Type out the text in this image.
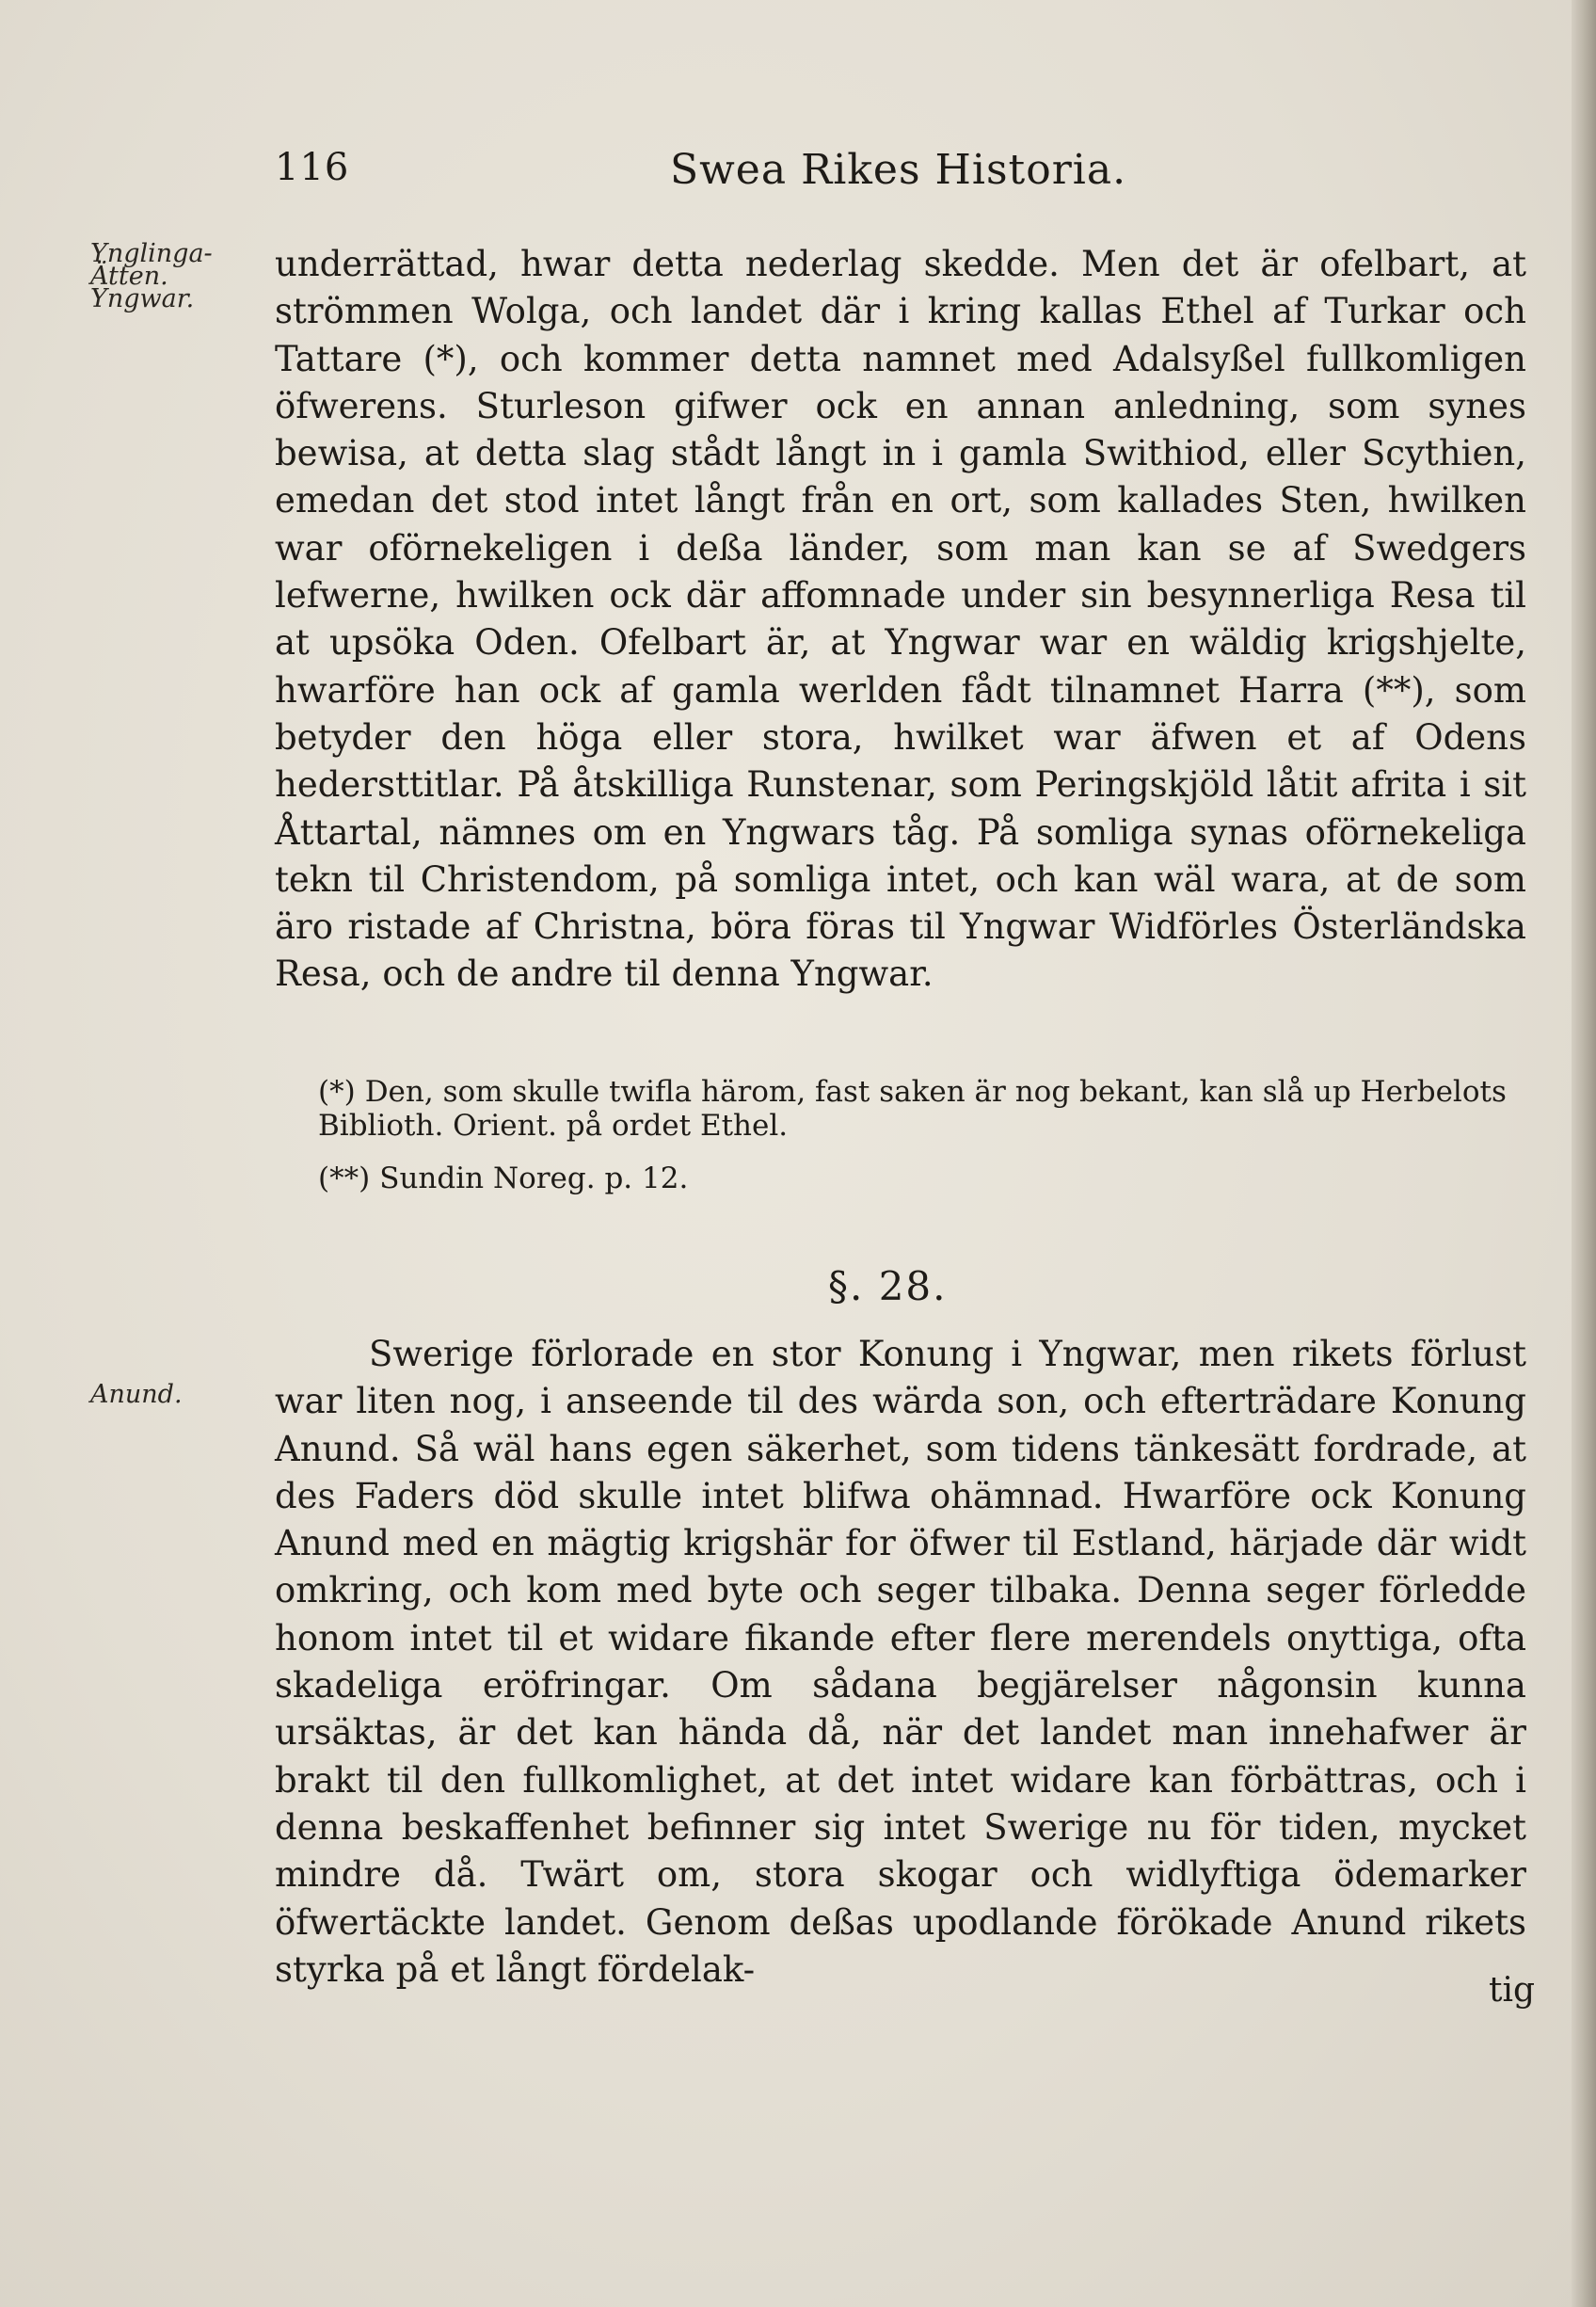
116	Swea Rikes Historia.
Ynglinga-Ätten. Yngwar.
Anund.

underrättad, hwar detta nederlag skedde. Men det är ofelbart, at strömmen Wolga, och landet där i kring kallas Ethel af Turkar och Tattare (*), och kommer detta namnet med Adalsyßel fullkomligen öfwerens. Sturleson gifwer ock en annan anledning, som synes bewisa, at detta slag stådt långt in i gamla Swithiod, eller Scythien, emedan det stod intet långt från en ort, som kallades Sten, hwilken war oförnekeligen i deßa länder, som man kan se af Swedgers lefwerne, hwilken ock där affomnade under sin besynnerliga Resa til at upsöka Oden. Ofelbart är, at Yngwar war en wäldig krigshjelte, hwarföre han ock af gamla werlden fådt tilnamnet Harra (**), som betyder den höga eller stora, hwilket war äfwen et af Odens hedersttitlar. På åtskilliga Runstenar, som Peringskjöld låtit afrita i sit Åttartal, nämnes om en Yngwars tåg. På somliga synas oförnekeliga tekn til Christendom, på somliga intet, och kan wäl wara, at de som äro ristade af Christna, böra föras til Yngwar Widförles Österländska Resa, och de andre til denna Yngwar.

(*) Den, som skulle twifla härom, fast saken är nog bekant, kan slå up Herbelots Biblioth. Orient. på ordet Ethel.
(**) Sundin Noreg. p. 12.
§. 28.

Swerige förlorade en stor Konung i Yngwar, men rikets förlust war liten nog, i anseende til des wärda son, och efterträdare Konung Anund. Så wäl hans egen säkerhet, som tidens tänkesätt fordrade, at des Faders död skulle intet blifwa ohämnad. Hwarföre ock Konung Anund med en mägtig krigshär for öfwer til Estland, härjade där widt omkring, och kom med byte och seger tilbaka. Denna seger förledde honom intet til et widare fikande efter flere merendels onyttiga, ofta skadeliga eröfringar. Om sådana begjärelser någonsin kunna ursäktas, är det kan hända då, när det landet man innehafwer är brakt til den fullkomlighet, at det intet widare kan förbättras, och i denna beskaffenhet befinner sig intet Swerige nu för tiden, mycket mindre då. Twärt om, stora skogar och widlyftiga ödemarker öfwertäckte landet. Genom deßas upodlande förökade Anund rikets styrka på et långt fördelak-

tig
